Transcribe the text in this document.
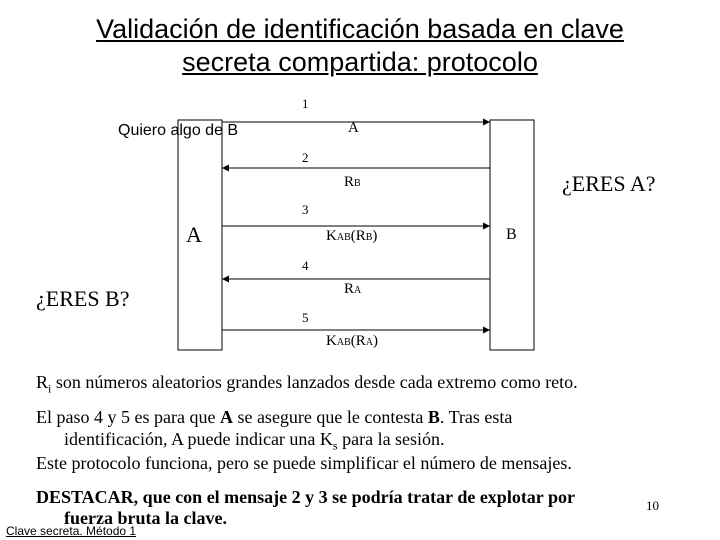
Validación de identificación basada en clave
secreta compartida: protocolo
1
2
3
4
5
A
RB
KAB(RB)
RA
KAB(RA)
Quiero algo de B
A	B
¿ERES A?
¿ERES B?
$R_i$ son números aleatorios grandes lanzados desde cada extremo como reto.
El paso 4 y 5 es para que A se asegure que le contesta B. Tras esta
identificación, A puede indicar una $K_s$ para la sesión.
Este protocolo funciona, pero se puede simplificar el número de mensajes.
DESTACAR, que con el mensaje 2 y 3 se podría tratar de explotar por
fuerza bruta la clave.
Clave secreta. Método 1
10
